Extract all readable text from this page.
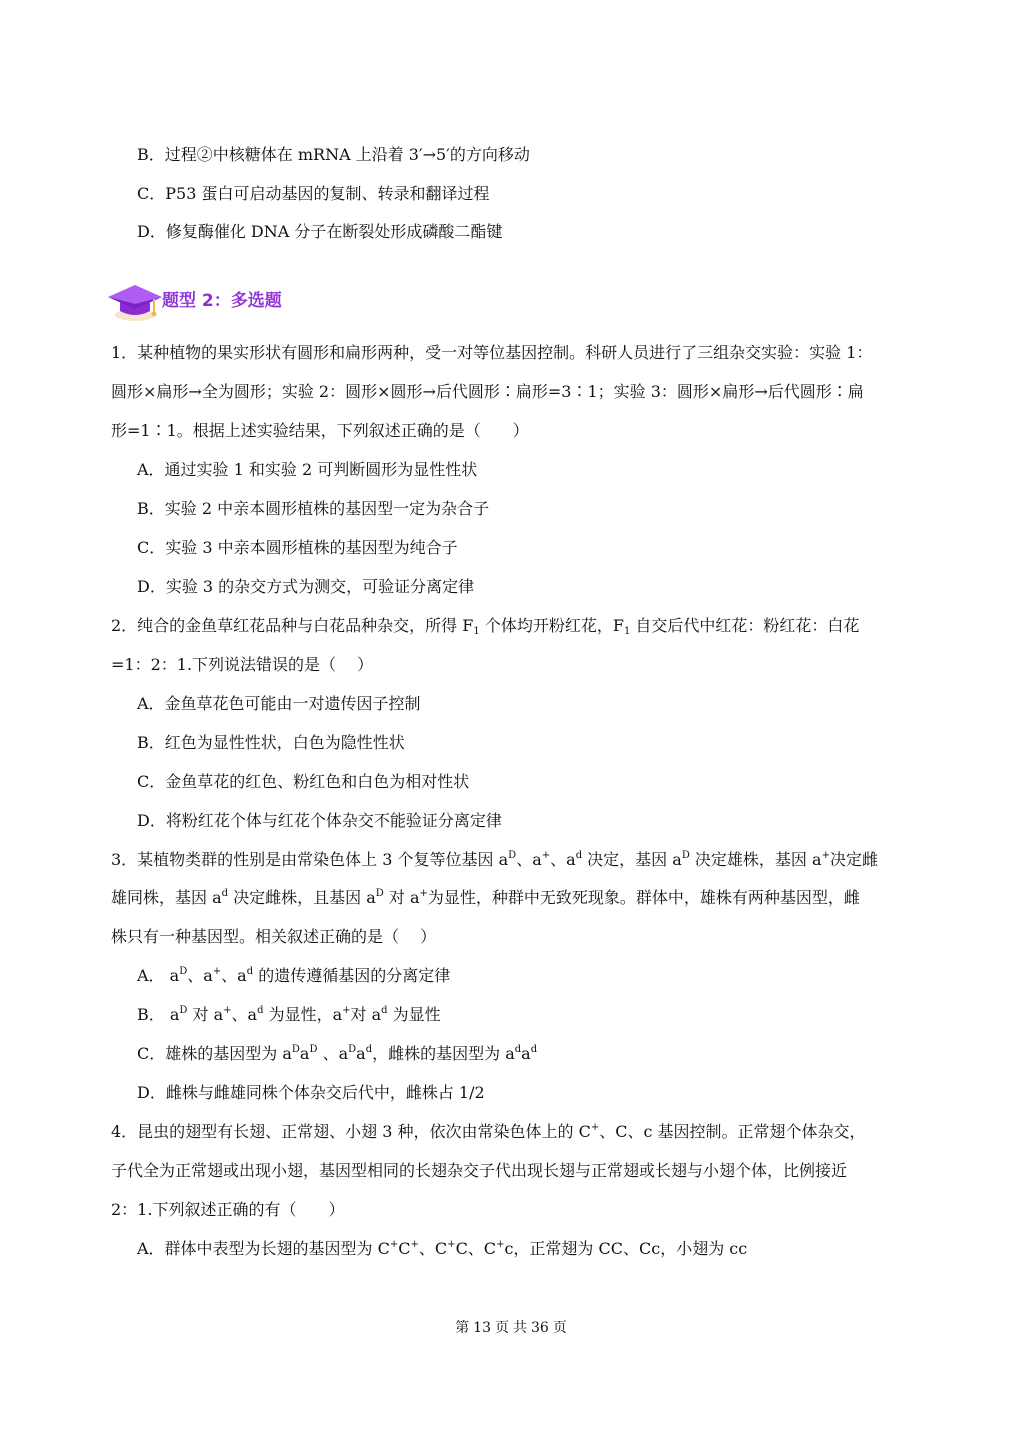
B．过程②中核糖体在 mRNA 上沿着 3′→5′的方向移动
C．P53 蛋白可启动基因的复制、转录和翻译过程
D．修复酶催化 DNA 分子在断裂处形成磷酸二酯键
题型 2：多选题
1．某种植物的果实形状有圆形和扁形两种，受一对等位基因控制。科研人员进行了三组杂交实验：实验 1：
圆形×扁形→全为圆形；实验 2：圆形×圆形→后代圆形∶扁形=3∶1；实验 3：圆形×扁形→后代圆形∶扁
形=1∶1。根据上述实验结果，下列叙述正确的是（　　）
A．通过实验 1 和实验 2 可判断圆形为显性性状
B．实验 2 中亲本圆形植株的基因型一定为杂合子
C．实验 3 中亲本圆形植株的基因型为纯合子
D．实验 3 的杂交方式为测交，可验证分离定律
2．纯合的金鱼草红花品种与白花品种杂交，所得 $F_1$ 个体均开粉红花，$F_1$ 自交后代中红花：粉红花：白花
=1：2：1.下列说法错误的是（　 ）
A．金鱼草花色可能由一对遗传因子控制
B．红色为显性性状，白色为隐性性状
C．金鱼草花的红色、粉红色和白色为相对性状
D．将粉红花个体与红花个体杂交不能验证分离定律
3．某植物类群的性别是由常染色体上 3 个复等位基因 $a^D$、a+、$a^d$ 决定，基因 $a^D$ 决定雄株，基因 a+决定雌
雄同株，基因 $a^d$ 决定雌株，且基因 $a^D$ 对 a+为显性，种群中无致死现象。群体中，雄株有两种基因型，雌
株只有一种基因型。相关叙述正确的是（　 ）
A． $a^D$、a+、$a^d$ 的遗传遵循基因的分离定律
B． $a^D$ 对 a+、$a^d$ 为显性，a+对 $a^d$ 为显性
C．雄株的基因型为 $a^Da^D$ 、$a^Da^d$，雌株的基因型为 $a^da^d$
D．雌株与雌雄同株个体杂交后代中，雌株占 1/2
4．昆虫的翅型有长翅、正常翅、小翅 3 种，依次由常染色体上的 C+、C、c 基因控制。正常翅个体杂交，
子代全为正常翅或出现小翅，基因型相同的长翅杂交子代出现长翅与正常翅或长翅与小翅个体，比例接近
2：1.下列叙述正确的有（　　）
A．群体中表型为长翅的基因型为 C+C+、C+C、C+c，正常翅为 CC、Cc，小翅为 cc
第 13 页 共 36 页
